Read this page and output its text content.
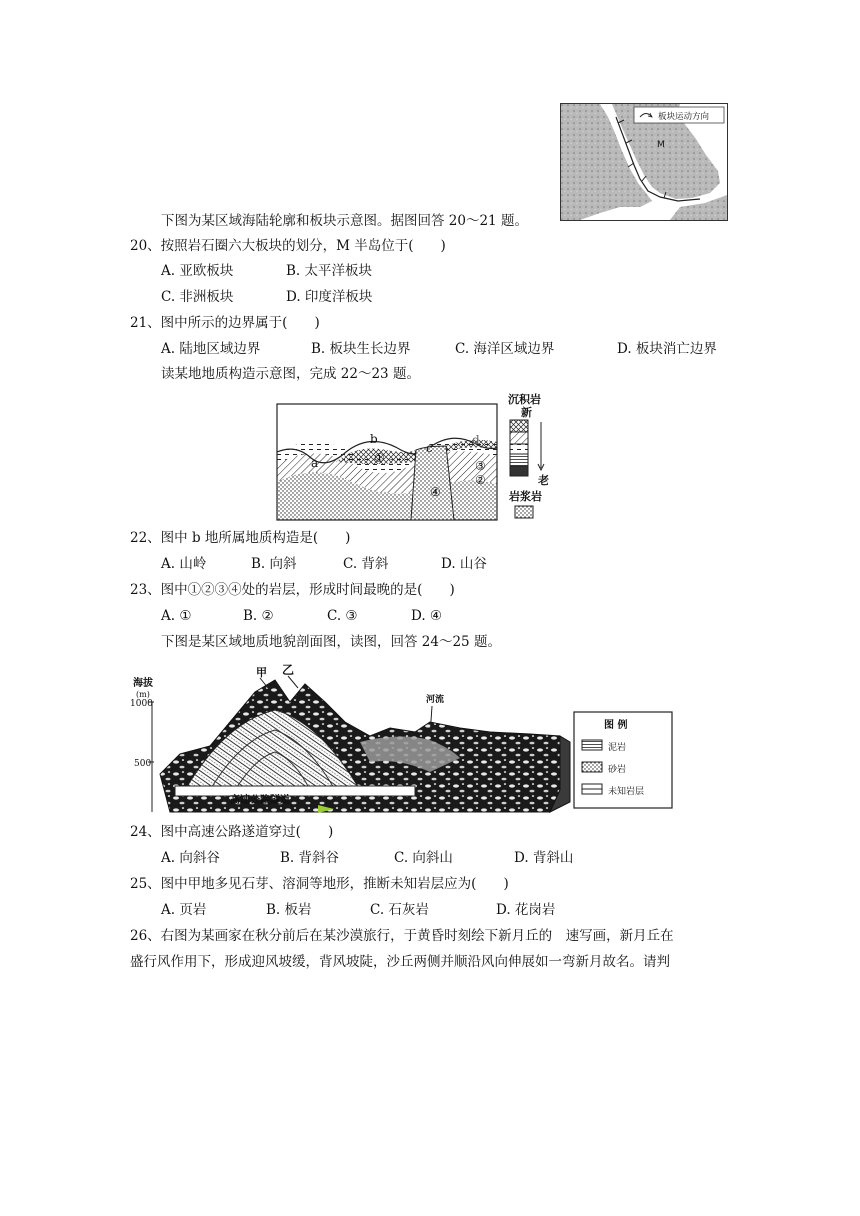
板块运动方向
M
下图为某区域海陆轮廓和板块示意图。据图回答 20～21 题。
20、按照岩石圈六大板块的划分，M 半岛位于(　　)
A. 亚欧板块	B. 太平洋板块
C. 非洲板块	D. 印度洋板块
21、图中所示的边界属于(　　)
A. 陆地区域边界	B. 板块生长边界	C. 海洋区域边界	D. 板块消亡边界
读某地地质构造示意图，完成 22～23 题。
a
b
c
d
①
②
③
④
沉积岩
新
老
岩浆岩
22、图中 b 地所属地质构造是(　　)
A. 山岭	B. 向斜	C. 背斜	D. 山谷
23、图中①②③④处的岩层，形成时间最晚的是(　　)
A. ①	B. ②	C. ③	D. ④
下图是某区域地质地貌剖面图，读图，回答 24～25 题。
海拔
(m)
1000
500
高速公路隧道
甲 乙
河流
图 例
泥岩
砂岩
未知岩层
24、图中高速公路遂道穿过(　　)
A. 向斜谷	B. 背斜谷	C. 向斜山	D. 背斜山
25、图中甲地多见石芽、溶洞等地形，推断未知岩层应为(　　)
A. 页岩	B. 板岩	C. 石灰岩	D. 花岗岩
26、右图为某画家在秋分前后在某沙漠旅行，于黄昏时刻绘下新月丘的　速写画，新月丘在
盛行风作用下，形成迎风坡缓，背风坡陡，沙丘两侧并顺沿风向伸展如一弯新月故名。请判
